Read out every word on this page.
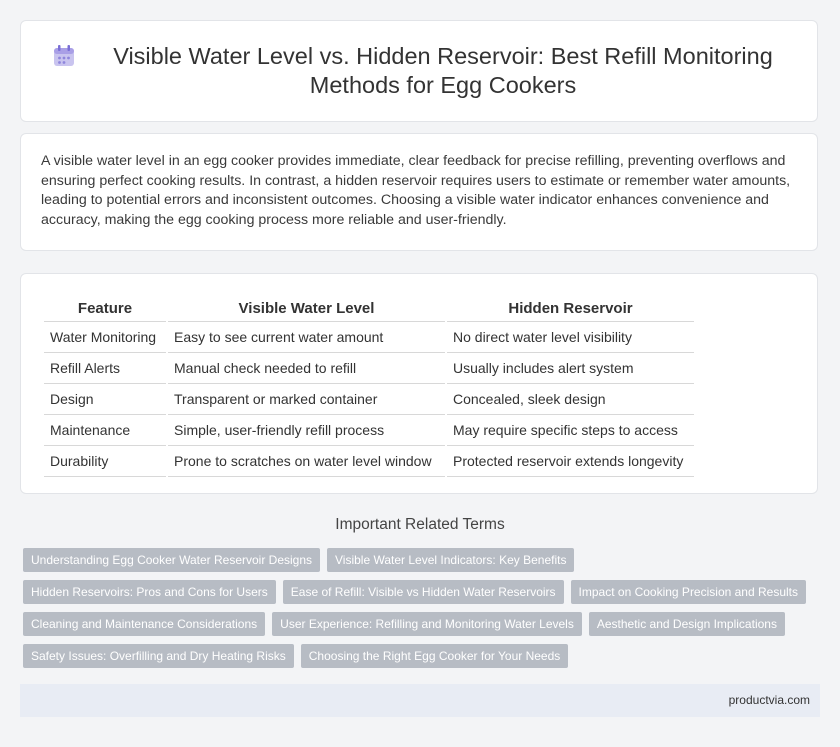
Visible Water Level vs. Hidden Reservoir: Best Refill Monitoring Methods for Egg Cookers

A visible water level in an egg cooker provides immediate, clear feedback for precise refilling, preventing overflows and ensuring perfect cooking results. In contrast, a hidden reservoir requires users to estimate or remember water amounts, leading to potential errors and inconsistent outcomes. Choosing a visible water indicator enhances convenience and accuracy, making the egg cooking process more reliable and user-friendly.

Feature	Visible Water Level	Hidden Reservoir
Water Monitoring	Easy to see current water amount	No direct water level visibility
Refill Alerts	Manual check needed to refill	Usually includes alert system
Design	Transparent or marked container	Concealed, sleek design
Maintenance	Simple, user-friendly refill process	May require specific steps to access
Durability	Prone to scratches on water level window	Protected reservoir extends longevity
Important Related Terms
Understanding Egg Cooker Water Reservoir Designs	Visible Water Level Indicators: Key Benefits
Hidden Reservoirs: Pros and Cons for Users	Ease of Refill: Visible vs Hidden Water Reservoirs	Impact on Cooking Precision and Results
Cleaning and Maintenance Considerations	User Experience: Refilling and Monitoring Water Levels	Aesthetic and Design Implications
Safety Issues: Overfilling and Dry Heating Risks	Choosing the Right Egg Cooker for Your Needs
productvia.com
